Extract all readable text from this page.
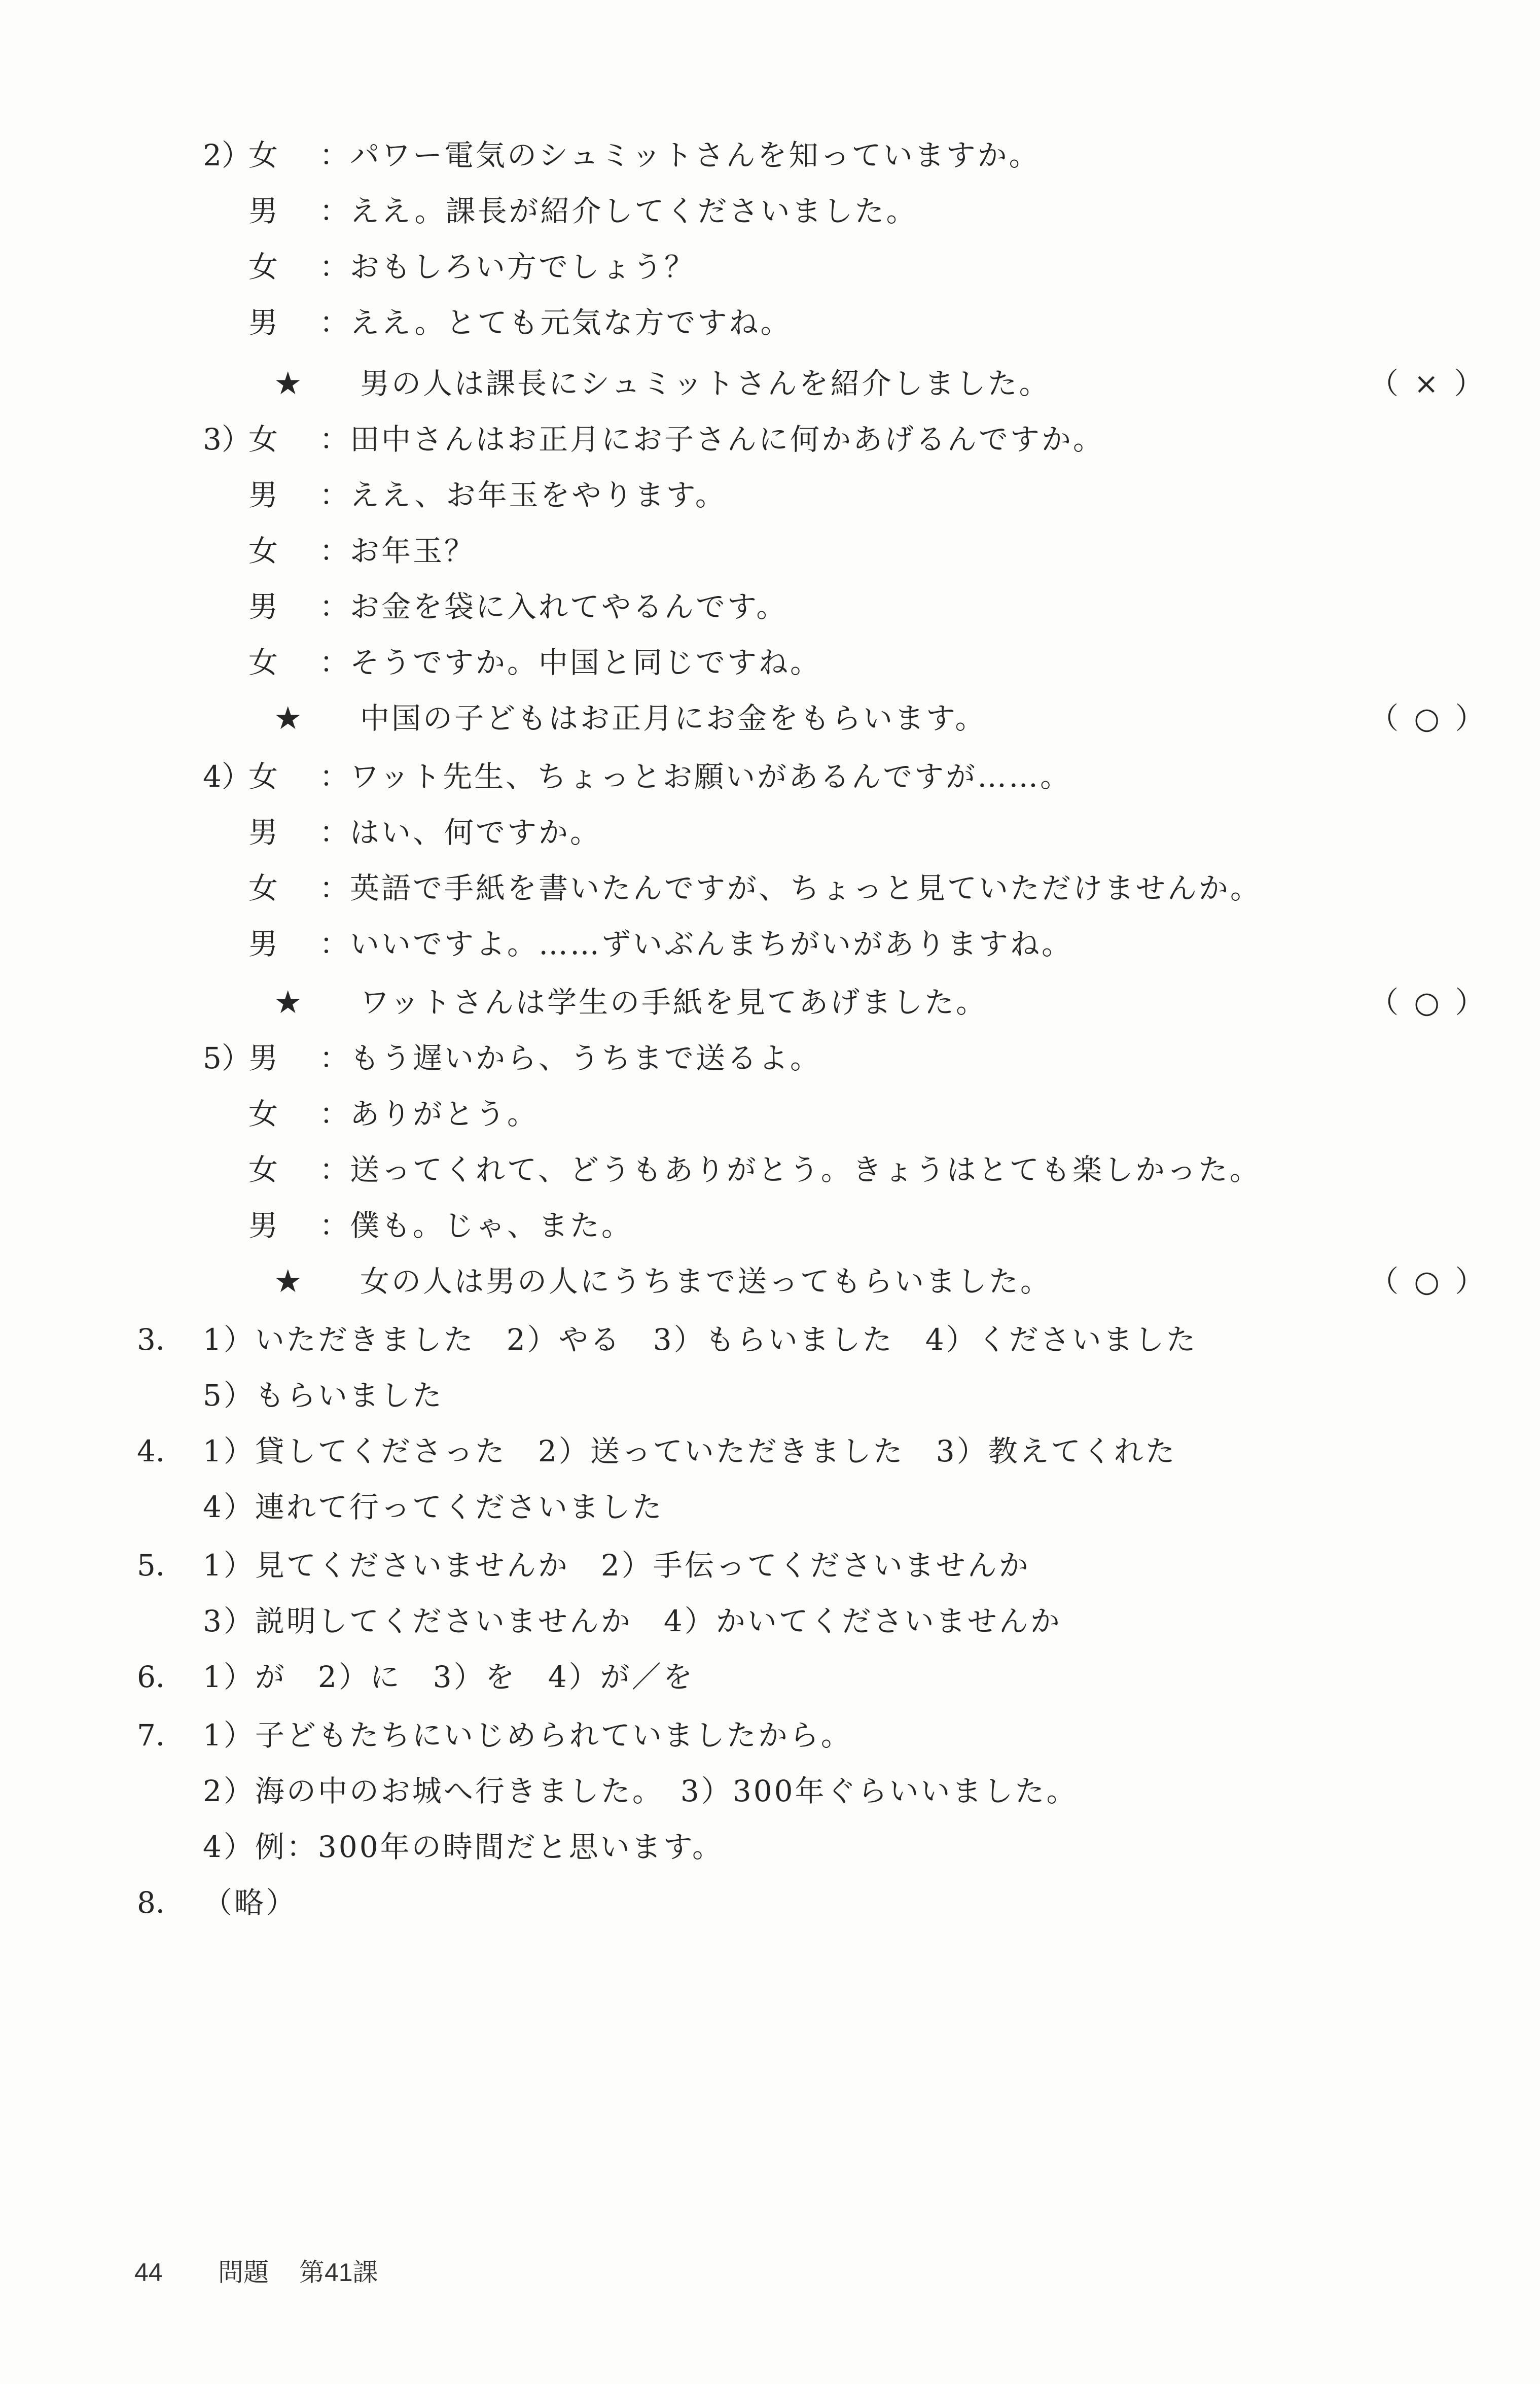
2）
女 ： パワー電気のシュミットさんを知っていますか。
男 ： ええ。課長が紹介してくださいました。
女 ： おもしろい方でしょう？
男 ： ええ。とても元気な方ですね。
★ 男の人は課長にシュミットさんを紹介しました。	（ × ）
3）
女 ： 田中さんはお正月にお子さんに何かあげるんですか。
男 ： ええ、お年玉をやります。
女 ： お年玉？
男 ： お金を袋に入れてやるんです。
女 ： そうですか。中国と同じですね。
★ 中国の子どもはお正月にお金をもらいます。	（ ○ ）
4）
女 ： ワット先生、ちょっとお願いがあるんですが……。
男 ： はい、何ですか。
女 ： 英語で手紙を書いたんですが、ちょっと見ていただけませんか。
男 ： いいですよ。……ずいぶんまちがいがありますね。
★ ワットさんは学生の手紙を見てあげました。	（ ○ ）
5）
男 ： もう遅いから、うちまで送るよ。
女 ： ありがとう。
女 ： 送ってくれて、どうもありがとう。きょうはとても楽しかった。
男 ： 僕も。じゃ、また。
★ 女の人は男の人にうちまで送ってもらいました。	（ ○ ）
3． 1）いただきました　2）やる　3）もらいました　4）くださいました
5）もらいました
4． 1）貸してくださった　2）送っていただきました　3）教えてくれた
4）連れて行ってくださいました
5． 1）見てくださいませんか　2）手伝ってくださいませんか
3）説明してくださいませんか　4）かいてくださいませんか
6． 1）が　2）に　3）を　4）が／を
7． 1）子どもたちにいじめられていましたから。
2）海の中のお城へ行きました。　3）300年ぐらいいました。
4）例：300年の時間だと思います。
8． （略）
44 問題 第41課
